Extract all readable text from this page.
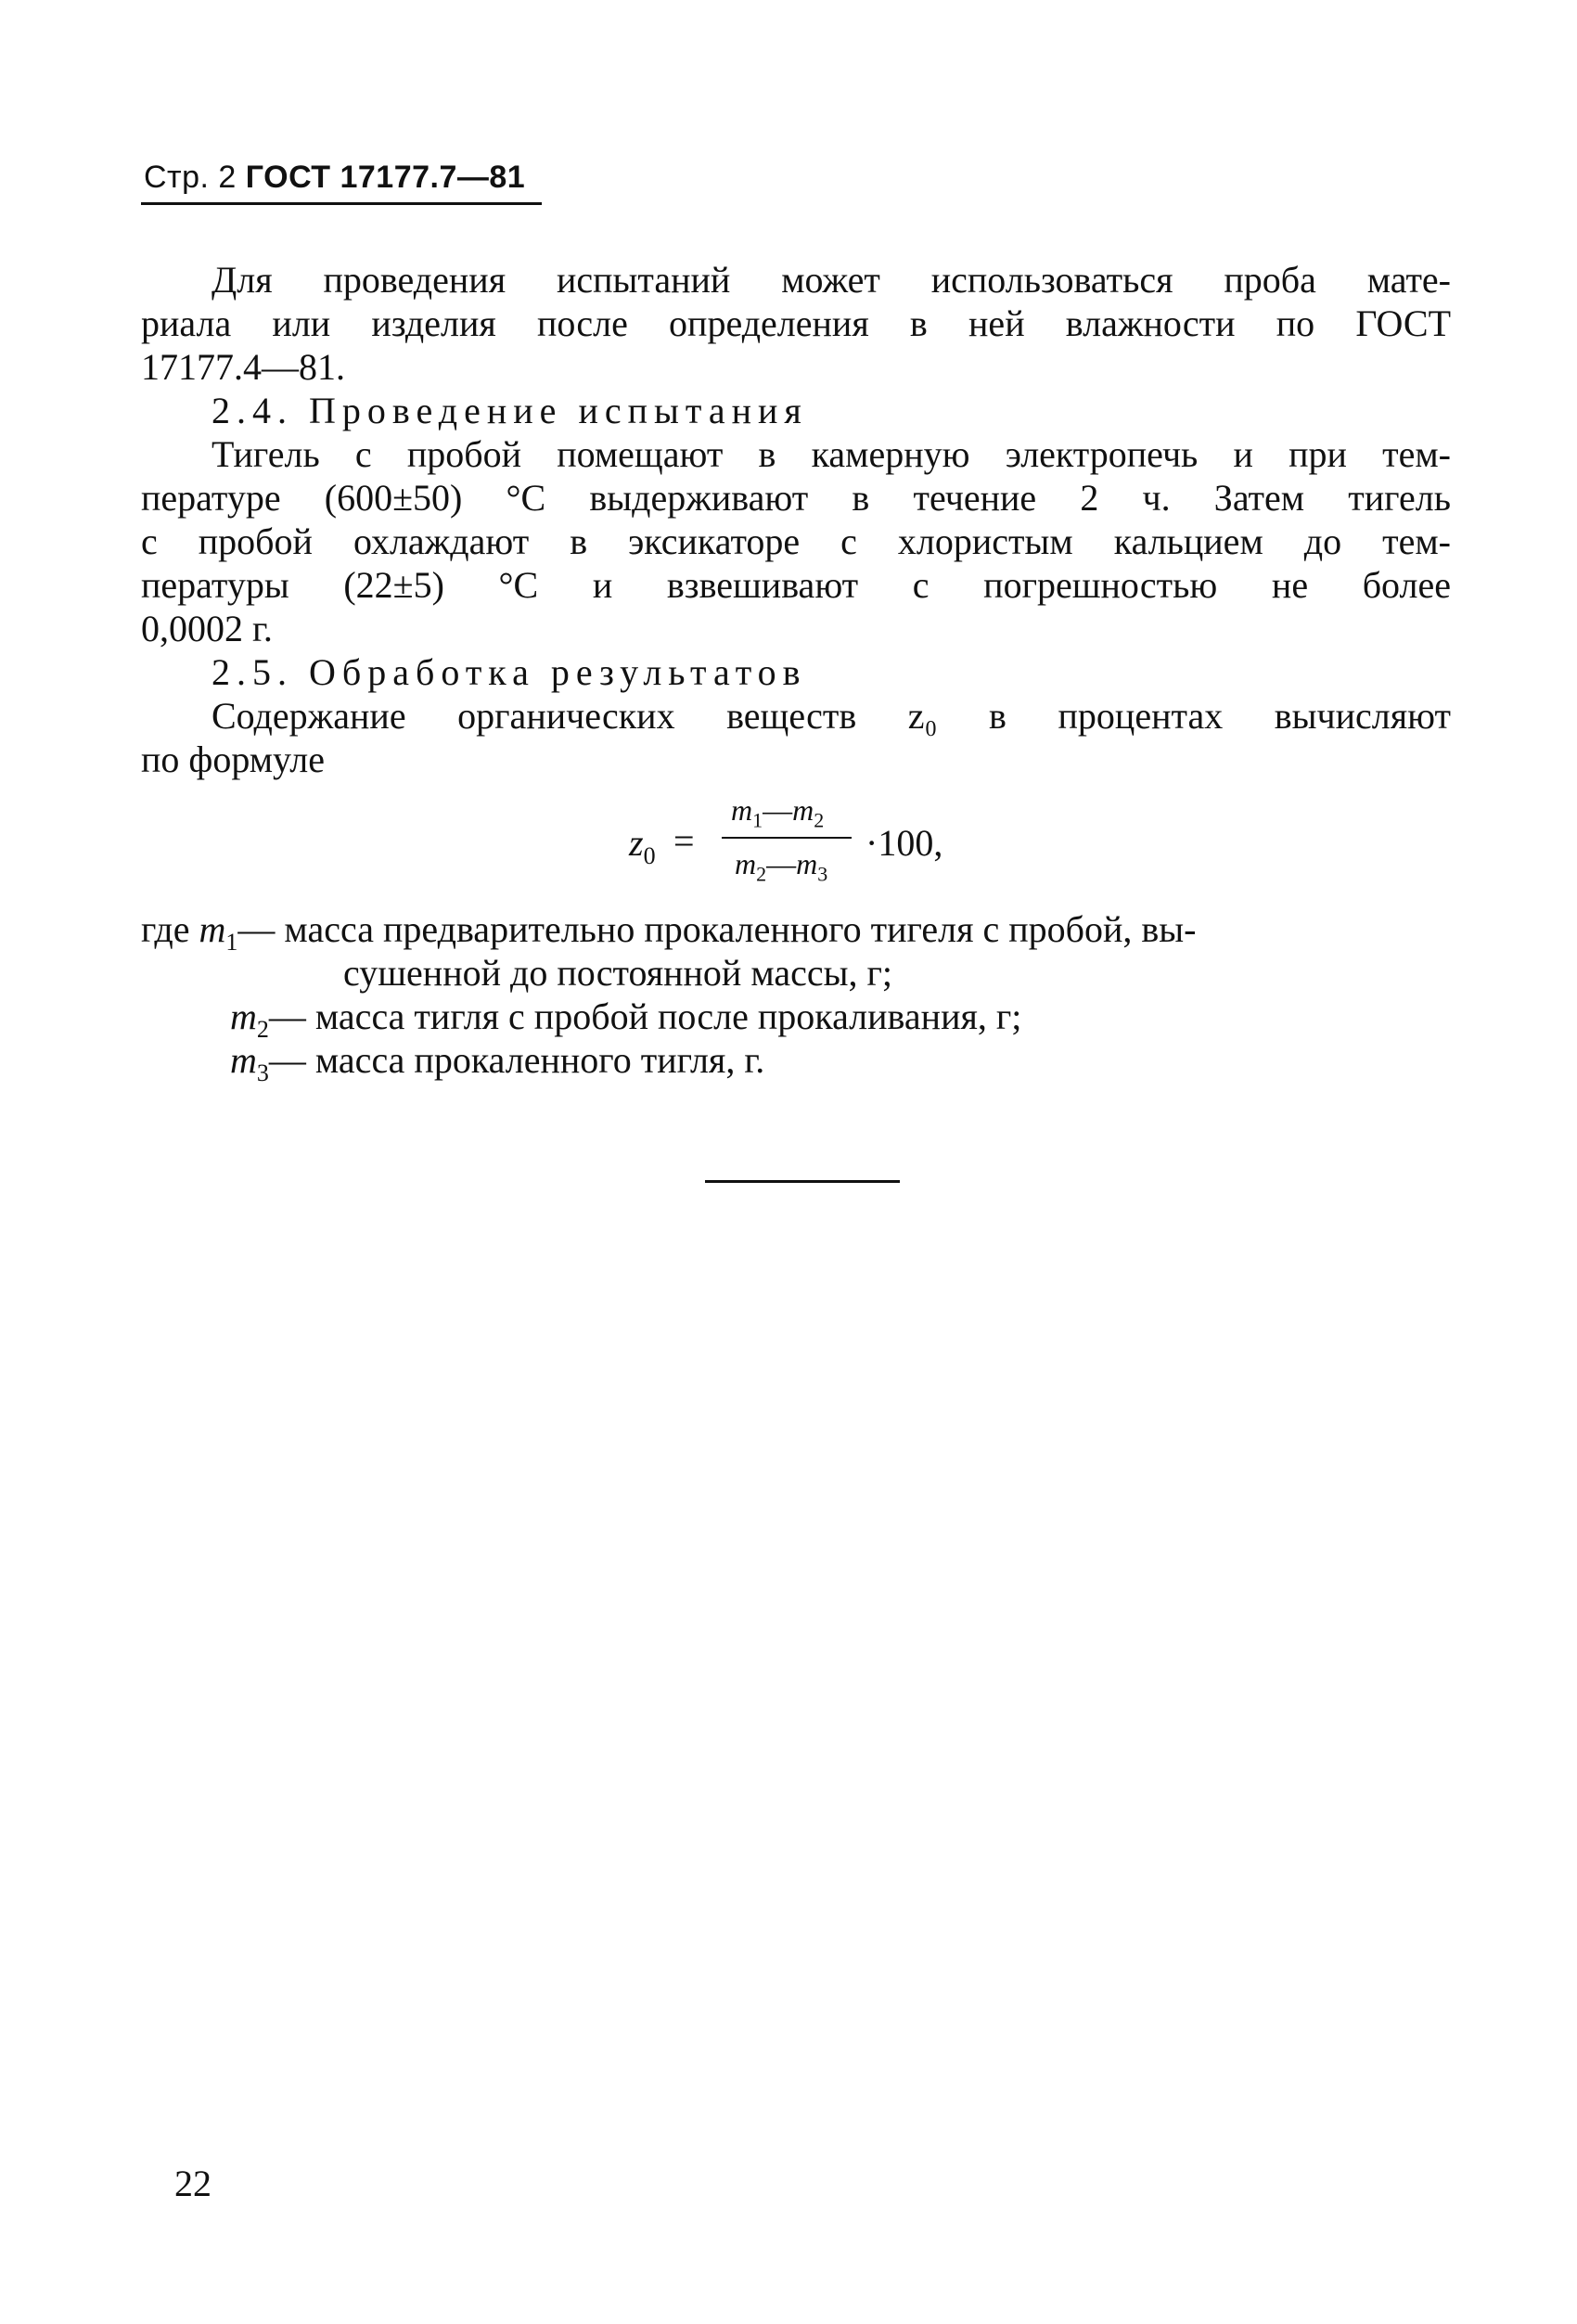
Стр. 2 ГОСТ 17177.7—81
Для проведения испытаний может использоваться проба мате-
риала или изделия после определения в ней влажности по ГОСТ
17177.4—81.
2.4. Проведение испытания
Тигель с пробой помещают в камерную электропечь и при тем-
пературе (600±50) °С выдерживают в течение 2 ч. Затем тигель
с пробой охлаждают в эксикаторе с хлористым кальцием до тем-
пературы (22±5) °С и взвешивают с погрешностью не более
0,0002 г.
2.5. Обработка результатов
Содержание органических веществ z₀ в процентах вычисляют
по формуле
$z_0$ =
$m_1—m_2$
$m_2—m_3$
·100,
где $m_1—$ масса предварительно прокаленного тигеля с пробой, вы-
сушенной до постоянной массы, г;
$m_2—$ масса тигля с пробой после прокаливания, г;
$m_3—$ масса прокаленного тигля, г.
22
